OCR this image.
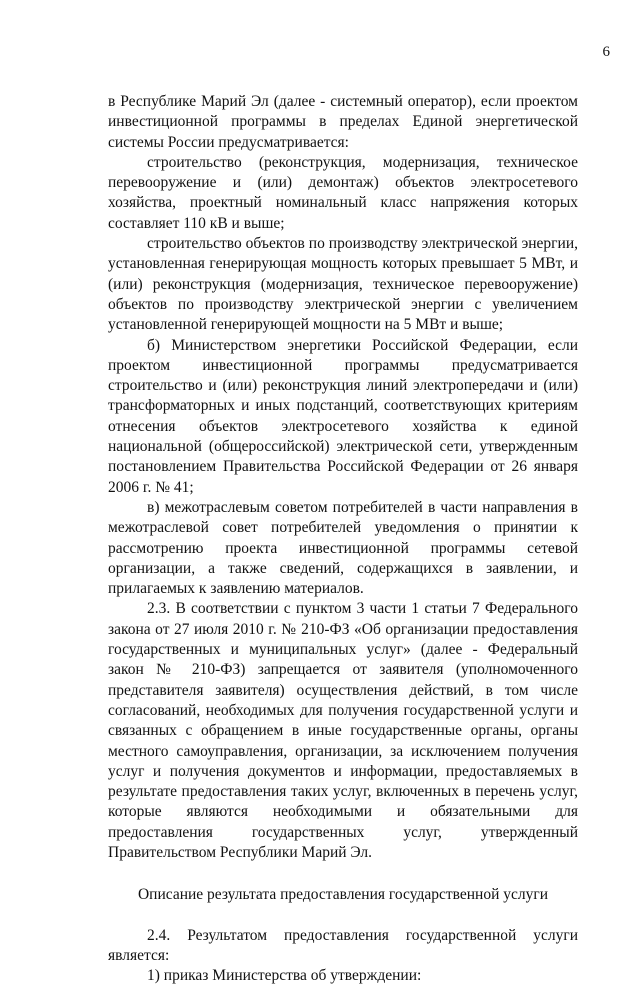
6

в Республике Марий Эл (далее - системный оператор), если проектом инвестиционной программы в пределах Единой энергетической системы России предусматривается:

строительство (реконструкция, модернизация, техническое перевооружение и (или) демонтаж) объектов электросетевого хозяйства, проектный номинальный класс напряжения которых составляет 110 кВ и выше;

строительство объектов по производству электрической энергии, установленная генерирующая мощность которых превышает 5 МВт, и (или) реконструкция (модернизация, техническое перевооружение) объектов по производству электрической энергии с увеличением установленной генерирующей мощности на 5 МВт и выше;

б) Министерством энергетики Российской Федерации, если проектом инвестиционной программы предусматривается строительство и (или) реконструкция линий электропередачи и (или) трансформаторных и иных подстанций, соответствующих критериям отнесения объектов электросетевого хозяйства к единой национальной (общероссийской) электрической сети, утвержденным постановлением Правительства Российской Федерации от 26 января 2006 г. № 41;

в) межотраслевым советом потребителей в части направления в межотраслевой совет потребителей уведомления о принятии к рассмотрению проекта инвестиционной программы сетевой организации, а также сведений, содержащихся в заявлении, и прилагаемых к заявлению материалов.

2.3. В соответствии с пунктом 3 части 1 статьи 7 Федерального закона от 27 июля 2010 г. № 210-ФЗ «Об организации предоставления государственных и муниципальных услуг» (далее - Федеральный закон № 210-ФЗ) запрещается от заявителя (уполномоченного представителя заявителя) осуществления действий, в том числе согласований, необходимых для получения государственной услуги и связанных с обращением в иные государственные органы, органы местного самоуправления, организации, за исключением получения услуг и получения документов и информации, предоставляемых в результате предоставления таких услуг, включенных в перечень услуг, которые являются необходимыми и обязательными для предоставления государственных услуг, утвержденный Правительством Республики Марий Эл.

Описание результата предоставления государственной услуги

2.4. Результатом предоставления государственной услуги является:

1) приказ Министерства об утверждении:
